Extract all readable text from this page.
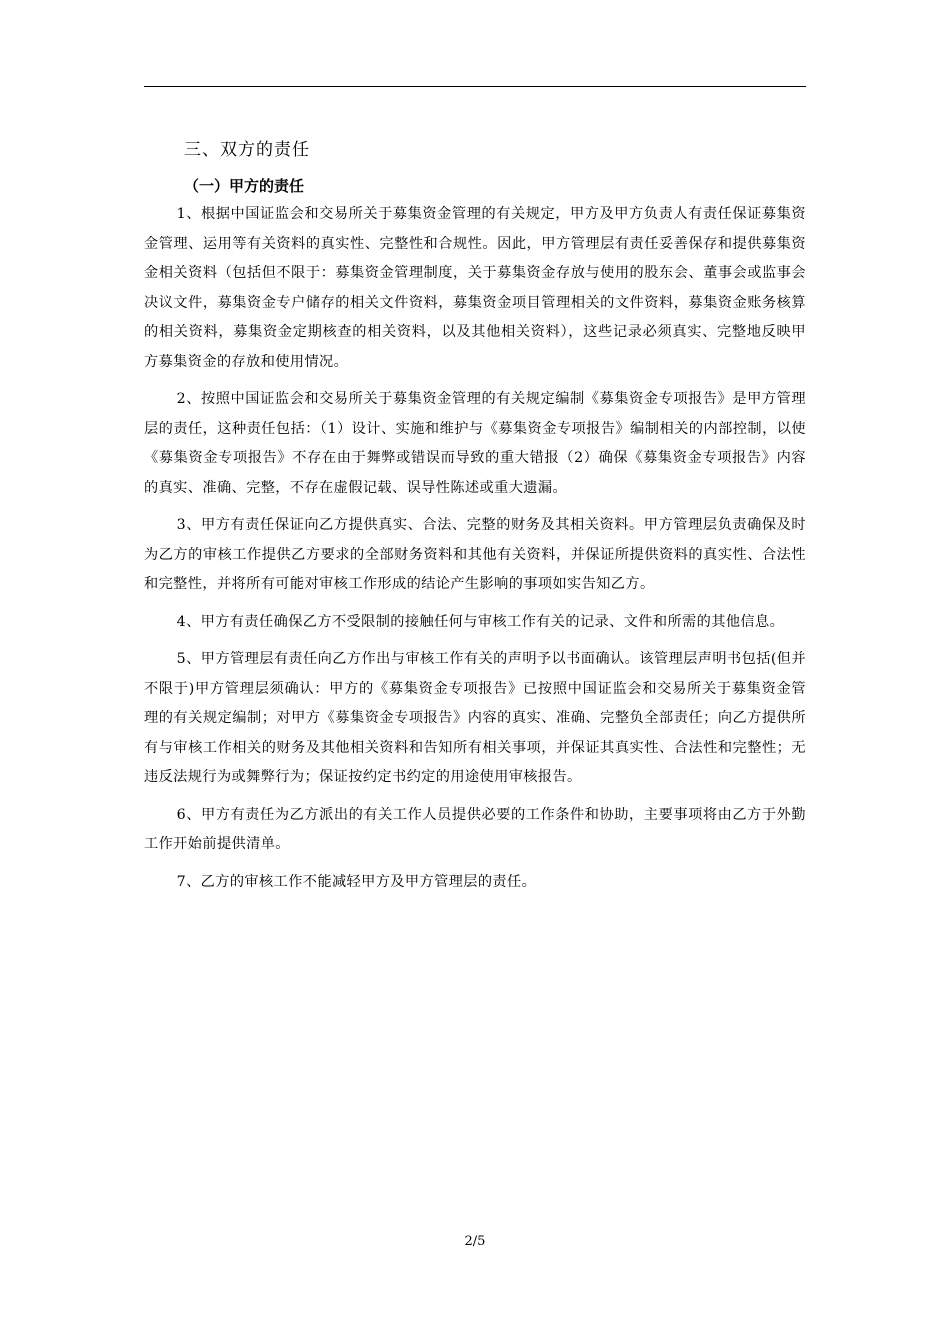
三、双方的责任
（一）甲方的责任

1、根据中国证监会和交易所关于募集资金管理的有关规定，甲方及甲方负责人有责任保证募集资金管理、运用等有关资料的真实性、完整性和合规性。因此，甲方管理层有责任妥善保存和提供募集资金相关资料（包括但不限于：募集资金管理制度，关于募集资金存放与使用的股东会、董事会或监事会决议文件，募集资金专户储存的相关文件资料，募集资金项目管理相关的文件资料，募集资金账务核算的相关资料，募集资金定期核查的相关资料，以及其他相关资料），这些记录必须真实、完整地反映甲方募集资金的存放和使用情况。

2、按照中国证监会和交易所关于募集资金管理的有关规定编制《募集资金专项报告》是甲方管理层的责任，这种责任包括：（1）设计、实施和维护与《募集资金专项报告》编制相关的内部控制，以使《募集资金专项报告》不存在由于舞弊或错误而导致的重大错报（2）确保《募集资金专项报告》内容的真实、准确、完整，不存在虚假记载、误导性陈述或重大遗漏。

3、甲方有责任保证向乙方提供真实、合法、完整的财务及其相关资料。甲方管理层负责确保及时为乙方的审核工作提供乙方要求的全部财务资料和其他有关资料，并保证所提供资料的真实性、合法性和完整性，并将所有可能对审核工作形成的结论产生影响的事项如实告知乙方。

4、甲方有责任确保乙方不受限制的接触任何与审核工作有关的记录、文件和所需的其他信息。

5、甲方管理层有责任向乙方作出与审核工作有关的声明予以书面确认。该管理层声明书包括(但并不限于)甲方管理层须确认：甲方的《募集资金专项报告》已按照中国证监会和交易所关于募集资金管理的有关规定编制；对甲方《募集资金专项报告》内容的真实、准确、完整负全部责任；向乙方提供所有与审核工作相关的财务及其他相关资料和告知所有相关事项，并保证其真实性、合法性和完整性；无违反法规行为或舞弊行为；保证按约定书约定的用途使用审核报告。

6、甲方有责任为乙方派出的有关工作人员提供必要的工作条件和协助，主要事项将由乙方于外勤工作开始前提供清单。

7、乙方的审核工作不能减轻甲方及甲方管理层的责任。

2/5
